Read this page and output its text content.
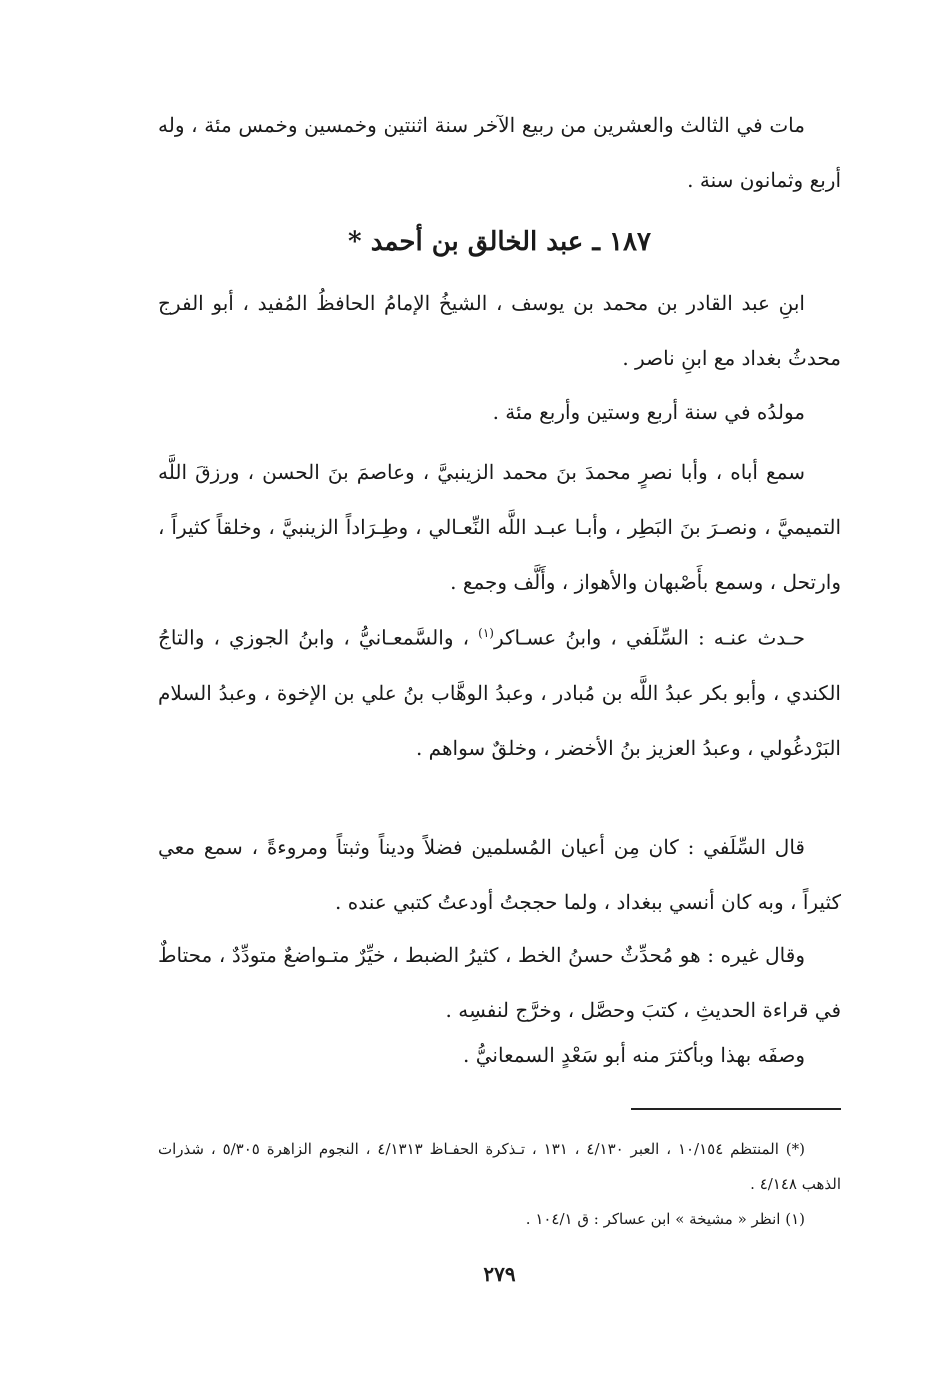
مات في الثالث والعشرين من ربيع الآخر سنة اثنتين وخمسين وخمس مئة ، وله أربع وثمانون سنة .

١٨٧ ـ عبد الخالق بن أحمد *

ابنِ عبد القادر بن محمد بن يوسف ، الشيخُ الإمامُ الحافظُ المُفيد ، أبو الفرج محدثُ بغداد مع ابنِ ناصر .

مولدُه في سنة أربع وستين وأربع مئة .

سمع أباه ، وأبا نصرٍ محمدَ بنَ محمد الزينبيَّ ، وعاصمَ بنَ الحسن ، ورزقَ اللَّه التميميَّ ، ونصـرَ بنَ البَطِر ، وأبـا عبـد اللَّه النِّعـالي ، وطِـرَاداً الزينبيَّ ، وخلقاً كثيراً ، وارتحل ، وسمع بأَصْبهان والأهواز ، وأَلَّف وجمع .

حـدث عنـه : السِّلَفي ، وابنُ عسـاكر$^{(١)}$ ، والسَّمعـانيُّ ، وابنُ الجوزي ، والتاجُ الكندي ، وأبو بكر عبدُ اللَّه بن مُبادر ، وعبدُ الوهَّاب بنُ علي بن الإخوة ، وعبدُ السلام البَرْدغُولي ، وعبدُ العزيز بنُ الأخضر ، وخلقٌ سواهم .

قال السِّلَفي : كان مِن أعيان المُسلمين فضلاً وديناً وثبتاً ومروءةً ، سمع معي كثيراً ، وبه كان أنسي ببغداد ، ولما حججتُ أودعتُ كتبي عنده .

وقال غيره : هو مُحدِّثٌ حسنُ الخط ، كثيرُ الضبط ، خيِّرٌ متـواضعٌ متودِّدٌ ، محتاطٌ في قراءة الحديثِ ، كتبَ وحصَّل ، وخرَّج لنفسِه .

وصفَه بهذا وبأكثرَ منه أبو سَعْدٍ السمعانيُّ .

(*) المنتظم ١٠/١٥٤ ، العبر ٤/١٣٠ ، ١٣١ ، تـذكرة الحفـاظ ٤/١٣١٣ ، النجوم الزاهرة ٥/٣٠٥ ، شذرات الذهب ٤/١٤٨ .

(١) انظر « مشيخة » ابن عساكر : ق ١٠٤/١ .

٢٧٩
